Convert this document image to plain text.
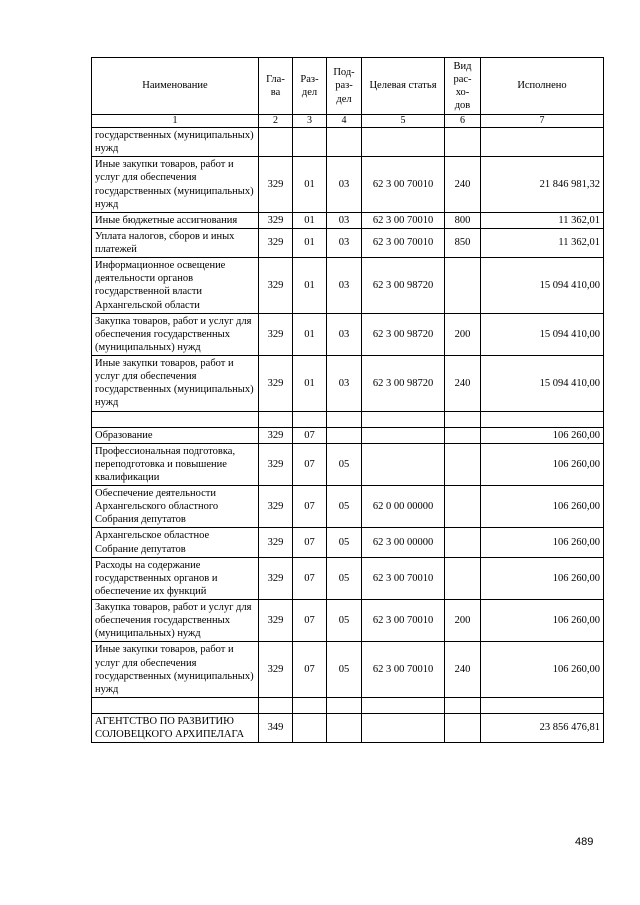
Наименование	Гла-ва	Раз-дел	Под-раз-дел	Целевая статья	Вид рас-хо-дов	Исполнено
1	2	3	4	5	6	7
государственных (муниципальных) нужд						
Иные закупки товаров, работ и услуг для обеспечения государственных (муниципальных) нужд	329	01	03	62 3 00 70010	240	21 846 981,32
Иные бюджетные ассигнования	329	01	03	62 3 00 70010	800	11 362,01
Уплата налогов, сборов и иных платежей	329	01	03	62 3 00 70010	850	11 362,01
Информационное освещение деятельности органов государственной власти Архангельской области	329	01	03	62 3 00 98720		15 094 410,00
Закупка товаров, работ и услуг для обеспечения государственных (муниципальных) нужд	329	01	03	62 3 00 98720	200	15 094 410,00
Иные закупки товаров, работ и услуг для обеспечения государственных (муниципальных) нужд	329	01	03	62 3 00 98720	240	15 094 410,00

Образование	329	07				106 260,00
Профессиональная подготовка, переподготовка и повышение квалификации	329	07	05			106 260,00
Обеспечение деятельности Архангельского областного Собрания депутатов	329	07	05	62 0 00 00000		106 260,00
Архангельское областное Собрание депутатов	329	07	05	62 3 00 00000		106 260,00
Расходы на содержание государственных органов и обеспечение их функций	329	07	05	62 3 00 70010		106 260,00
Закупка товаров, работ и услуг для обеспечения государственных (муниципальных) нужд	329	07	05	62 3 00 70010	200	106 260,00
Иные закупки товаров, работ и услуг для обеспечения государственных (муниципальных) нужд	329	07	05	62 3 00 70010	240	106 260,00

АГЕНТСТВО ПО РАЗВИТИЮ СОЛОВЕЦКОГО АРХИПЕЛАГА	349					23 856 476,81
489
